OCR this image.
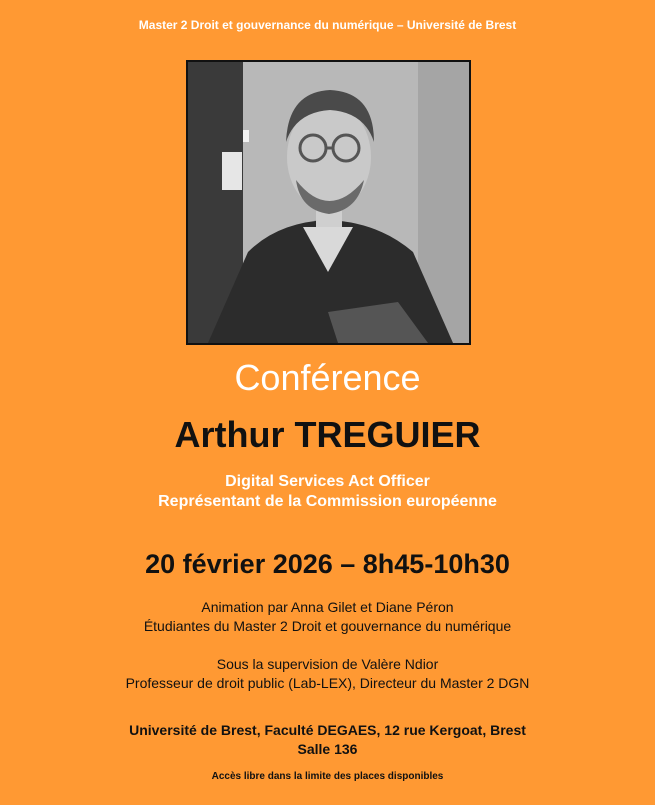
Master 2 Droit et gouvernance du numérique – Université de Brest
Conférence
Arthur TREGUIER
Digital Services Act Officer
Représentant de la Commission européenne
20 février 2026 – 8h45-10h30
Animation par Anna Gilet et Diane Péron
Étudiantes du Master 2 Droit et gouvernance du numérique
Sous la supervision de Valère Ndior
Professeur de droit public (Lab-LEX), Directeur du Master 2 DGN
Université de Brest, Faculté DEGAES, 12 rue Kergoat, Brest
Salle 136
Accès libre dans la limite des places disponibles
